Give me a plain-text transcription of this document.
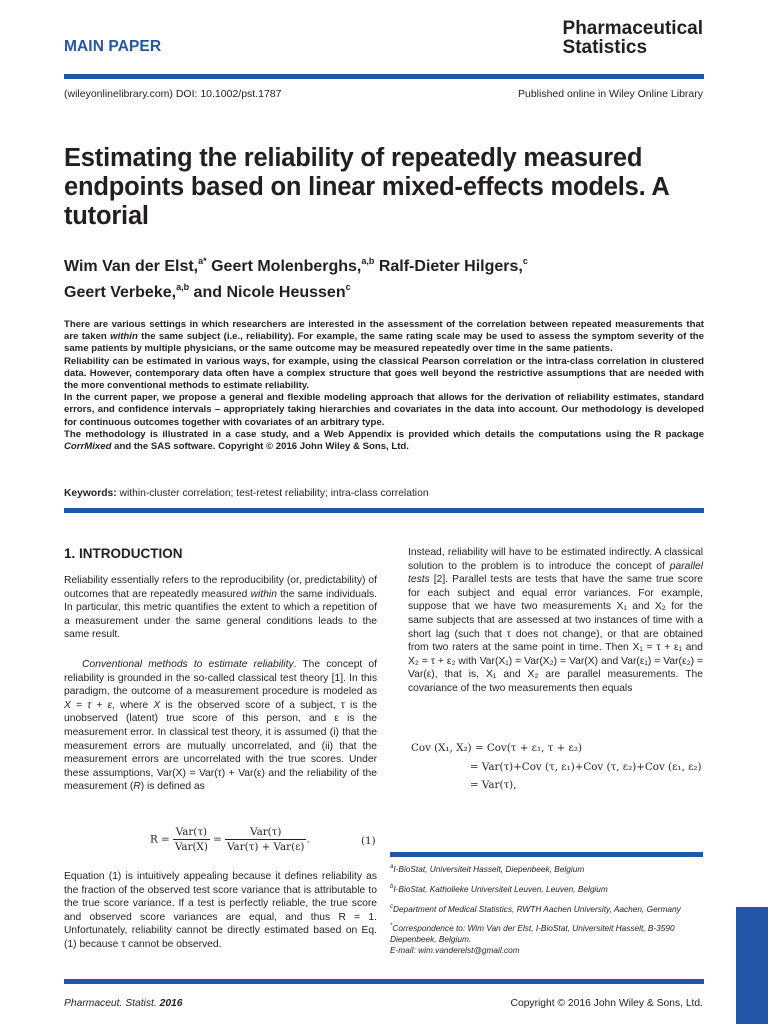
MAIN PAPER
Pharmaceutical
Statistics
(wileyonlinelibrary.com) DOI: 10.1002/pst.1787	Published online in Wiley Online Library
Estimating the reliability of repeatedly measured endpoints based on linear mixed-effects models. A tutorial
Wim Van der Elst,$^{a*}$ Geert Molenberghs,$^{a,b}$ Ralf-Dieter Hilgers,$^c$
Geert Verbeke,$^{a,b}$ and Nicole Heussen$^c$

There are various settings in which researchers are interested in the assessment of the correlation between repeated measurements that are taken within the same subject (i.e., reliability). For example, the same rating scale may be used to assess the symptom severity of the same patients by multiple physicians, or the same outcome may be measured repeatedly over time in the same patients.

Reliability can be estimated in various ways, for example, using the classical Pearson correlation or the intra-class correlation in clustered data. However, contemporary data often have a complex structure that goes well beyond the restrictive assumptions that are needed with the more conventional methods to estimate reliability.

In the current paper, we propose a general and flexible modeling approach that allows for the derivation of reliability estimates, standard errors, and confidence intervals – appropriately taking hierarchies and covariates in the data into account. Our methodology is developed for continuous outcomes together with covariates of an arbitrary type.

The methodology is illustrated in a case study, and a Web Appendix is provided which details the computations using the R package CorrMixed and the SAS software. Copyright © 2016 John Wiley & Sons, Ltd.

Keywords: within-cluster correlation; test-retest reliability; intra-class correlation
1. INTRODUCTION

Reliability essentially refers to the reproducibility (or, predictability) of outcomes that are repeatedly measured within the same individuals. In particular, this metric quantifies the extent to which a repetition of a measurement under the same general conditions leads to the same result.

Conventional methods to estimate reliability. The concept of reliability is grounded in the so-called classical test theory [1]. In this paradigm, the outcome of a measurement procedure is modeled as X = τ + ε, where X is the observed score of a subject, τ is the unobserved (latent) true score of this person, and ε is the measurement error. In classical test theory, it is assumed (i) that the measurement errors are mutually uncorrelated, and (ii) that the measurement errors are uncorrelated with the true scores. Under these assumptions, Var(X) = Var(τ) + Var(ε) and the reliability of the measurement (R) is defined as

$R = \frac{\text{Var(τ)}}{\text{Var(X)}} = \frac{\text{Var(τ)}}{\text{Var(τ) + Var(ε)}}$ .	(1)
Equation (1) is intuitively appealing because it defines reliability as the fraction of the observed test score variance that is attributable to the true score variance. If a test is perfectly reliable, the true score and observed score variances are equal, and thus R = 1. Unfortunately, reliability cannot be directly estimated based on Eq. (1) because τ cannot be observed.

Instead, reliability will have to be estimated indirectly. A classical solution to the problem is to introduce the concept of parallel tests [2]. Parallel tests are tests that have the same true score for each subject and equal error variances. For example, suppose that we have two measurements X₁ and X₂ for the same subjects that are assessed at two instances of time with a short lag (such that τ does not change), or that are obtained from two raters at the same point in time. Then X₁ = τ + ε₁ and X₂ = τ + ε₂ with Var(X₁) = Var(X₂) = Var(X) and Var(ε₁) = Var(ε₂) = Var(ε), that is, X₁ and X₂ are parallel measurements. The covariance of the two measurements then equals

Cov (X₁, X₂) = Cov(τ + ε₁, τ + ε₂)
= Var(τ)+Cov (τ, ε₁)+Cov (τ, ε₂)+Cov (ε₁, ε₂)
= Var(τ),

$^a$I-BioStat, Universiteit Hasselt, Diepenbeek, Belgium

$^b$I-BioStat, Katholieke Universiteit Leuven, Leuven, Belgium

$^c$Department of Medical Statistics, RWTH Aachen University, Aachen, Germany

*Correspondence to: Wim Van der Elst, I-BioStat, Universiteit Hasselt, B-3590 Diepenbeek, Belgium.
E-mail: wim.vanderelst@gmail.com

Pharmaceut. Statist. 2016	Copyright © 2016 John Wiley & Sons, Ltd.
